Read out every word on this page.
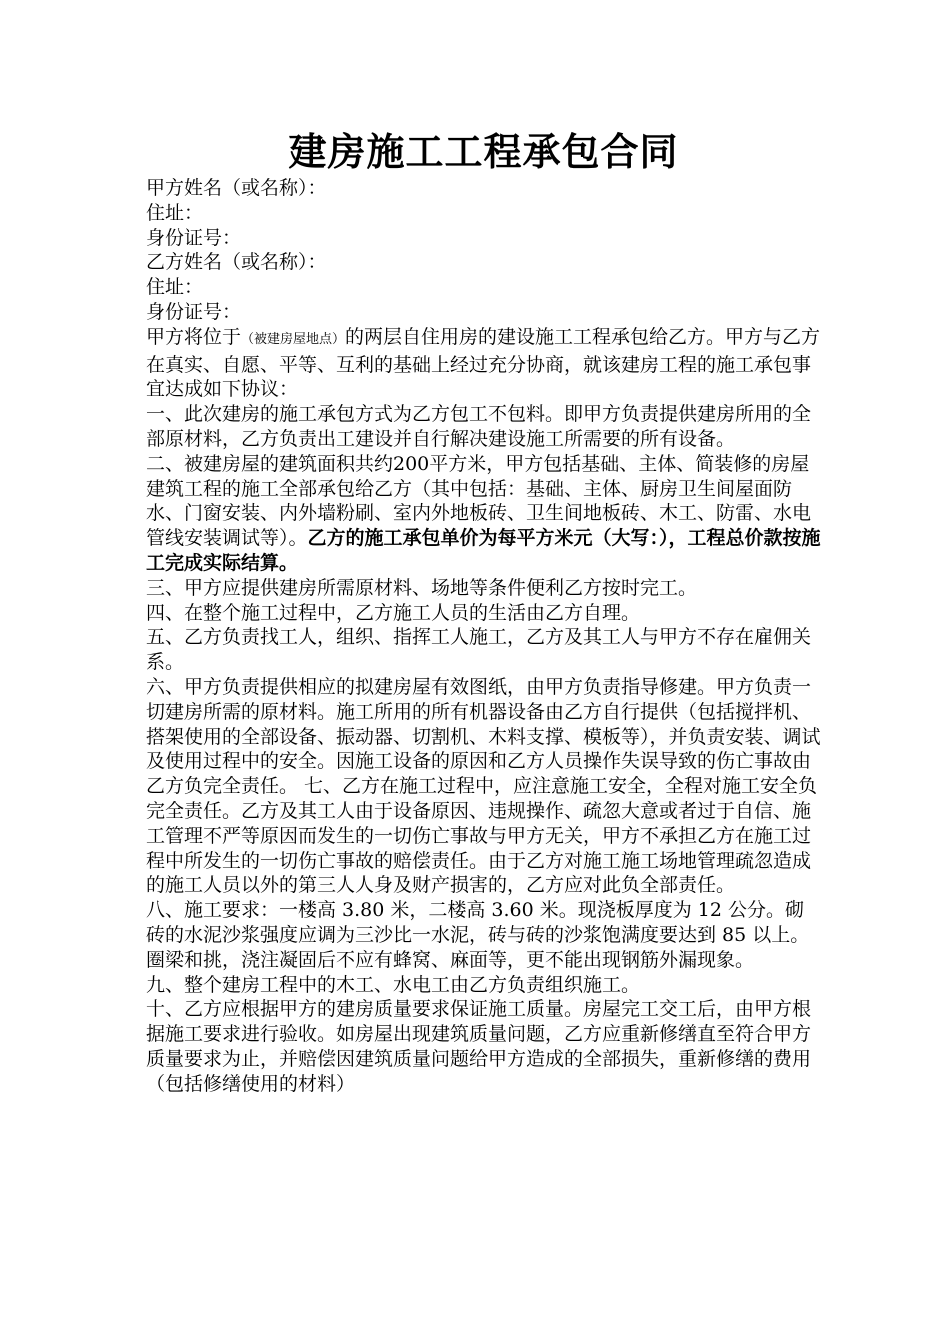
建房施工工程承包合同

甲方姓名（或名称）：

住址：

身份证号：

乙方姓名（或名称）：

住址：

身份证号：

甲方将位于（被建房屋地点）的两层自住用房的建设施工工程承包给乙方。甲方与乙方在真实、自愿、平等、互利的基础上经过充分协商，就该建房工程的施工承包事宜达成如下协议：

一、此次建房的施工承包方式为乙方包工不包料。即甲方负责提供建房所用的全部原材料，乙方负责出工建设并自行解决建设施工所需要的所有设备。

二、被建房屋的建筑面积共约200平方米，甲方包括基础、主体、简装修的房屋建筑工程的施工全部承包给乙方（其中包括：基础、主体、厨房卫生间屋面防水、门窗安装、内外墙粉刷、室内外地板砖、卫生间地板砖、木工、防雷、水电管线安装调试等）。乙方的施工承包单价为每平方米元（大写：），工程总价款按施工完成实际结算。

三、甲方应提供建房所需原材料、场地等条件便利乙方按时完工。

四、在整个施工过程中，乙方施工人员的生活由乙方自理。

五、乙方负责找工人，组织、指挥工人施工，乙方及其工人与甲方不存在雇佣关系。

六、甲方负责提供相应的拟建房屋有效图纸，由甲方负责指导修建。甲方负责一切建房所需的原材料。施工所用的所有机器设备由乙方自行提供（包括搅拌机、搭架使用的全部设备、振动器、切割机、木料支撑、模板等），并负责安装、调试及使用过程中的安全。因施工设备的原因和乙方人员操作失误导致的伤亡事故由乙方负完全责任。 七、乙方在施工过程中，应注意施工安全，全程对施工安全负完全责任。乙方及其工人由于设备原因、违规操作、疏忽大意或者过于自信、施工管理不严等原因而发生的一切伤亡事故与甲方无关，甲方不承担乙方在施工过程中所发生的一切伤亡事故的赔偿责任。由于乙方对施工施工场地管理疏忽造成的施工人员以外的第三人人身及财产损害的，乙方应对此负全部责任。

八、施工要求：一楼高 3.80 米，二楼高 3.60 米。现浇板厚度为 12 公分。砌砖的水泥沙浆强度应调为三沙比一水泥，砖与砖的沙浆饱满度要达到 85 以上。圈梁和挑，浇注凝固后不应有蜂窝、麻面等，更不能出现钢筋外漏现象。

九、整个建房工程中的木工、水电工由乙方负责组织施工。

十、乙方应根据甲方的建房质量要求保证施工质量。房屋完工交工后，由甲方根据施工要求进行验收。如房屋出现建筑质量问题，乙方应重新修缮直至符合甲方质量要求为止，并赔偿因建筑质量问题给甲方造成的全部损失，重新修缮的费用（包括修缮使用的材料）
